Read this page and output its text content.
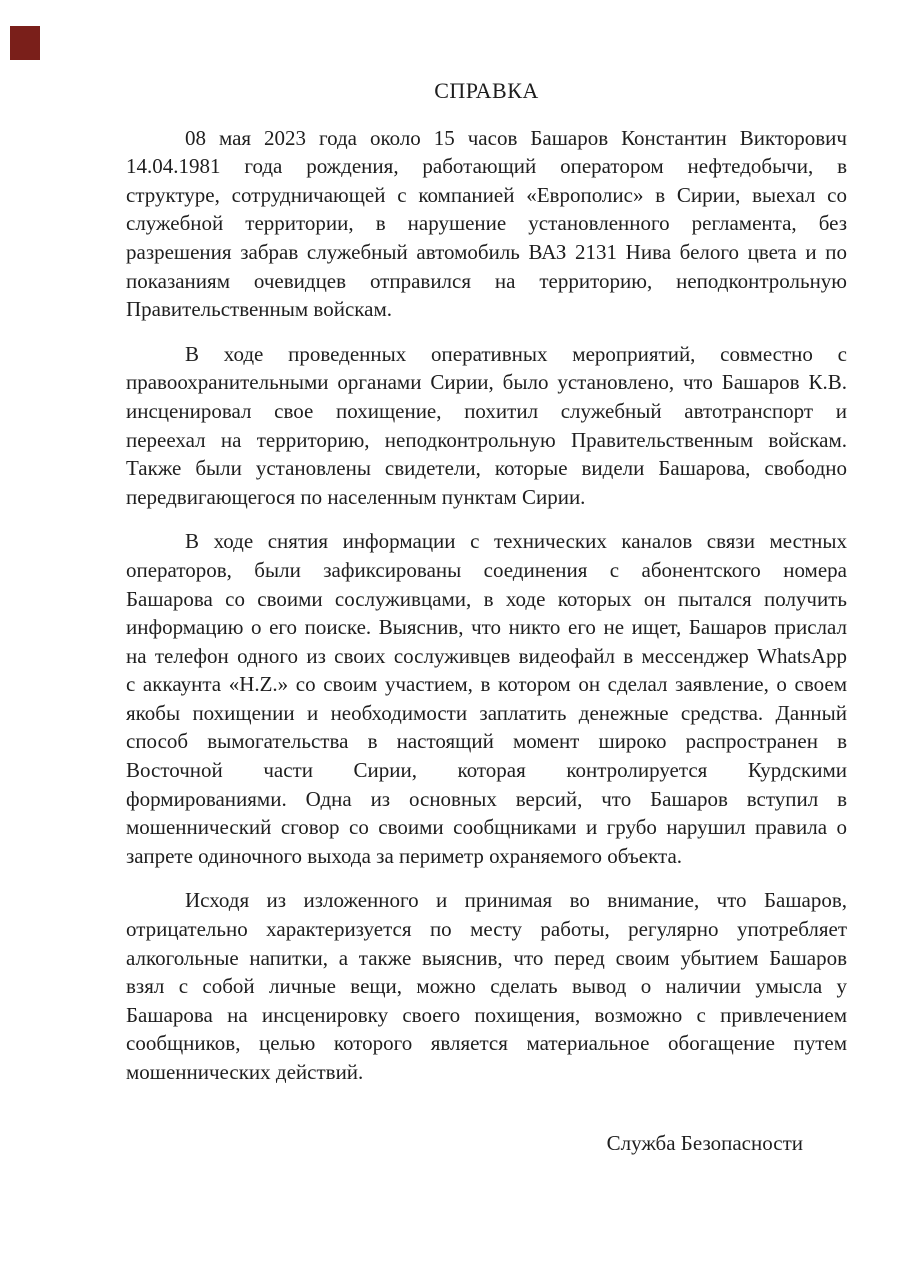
СПРАВКА
08 мая 2023 года около 15 часов Башаров Константин Викторович
14.04.1981 года рождения, работающий оператором нефтедобычи, в
структуре, сотрудничающей с компанией «Европолис» в Сирии, выехал со
служебной территории, в нарушение установленного регламента, без
разрешения забрав служебный автомобиль ВАЗ 2131 Нива белого цвета и по
показаниям очевидцев отправился на территорию, неподконтрольную
Правительственным войскам.
В ходе проведенных оперативных мероприятий, совместно с
правоохранительными органами Сирии, было установлено, что Башаров К.В.
инсценировал свое похищение, похитил служебный автотранспорт и
переехал на территорию, неподконтрольную Правительственным войскам.
Также были установлены свидетели, которые видели Башарова, свободно
передвигающегося по населенным пунктам Сирии.
В ходе снятия информации с технических каналов связи местных
операторов, были зафиксированы соединения с абонентского номера
Башарова со своими сослуживцами, в ходе которых он пытался получить
информацию о его поиске. Выяснив, что никто его не ищет, Башаров прислал
на телефон одного из своих сослуживцев видеофайл в мессенджер WhatsApp
с аккаунта «H.Z.» со своим участием, в котором он сделал заявление, о своем
якобы похищении и необходимости заплатить денежные средства. Данный
способ вымогательства в настоящий момент широко распространен в
Восточной части Сирии, которая контролируется Курдскими
формированиями. Одна из основных версий, что Башаров вступил в
мошеннический сговор со своими сообщниками и грубо нарушил правила о
запрете одиночного выхода за периметр охраняемого объекта.
Исходя из изложенного и принимая во внимание, что Башаров,
отрицательно характеризуется по месту работы, регулярно употребляет
алкогольные напитки, а также выяснив, что перед своим убытием Башаров
взял с собой личные вещи, можно сделать вывод о наличии умысла у
Башарова на инсценировку своего похищения, возможно с привлечением
сообщников, целью которого является материальное обогащение путем
мошеннических действий.
Служба Безопасности
